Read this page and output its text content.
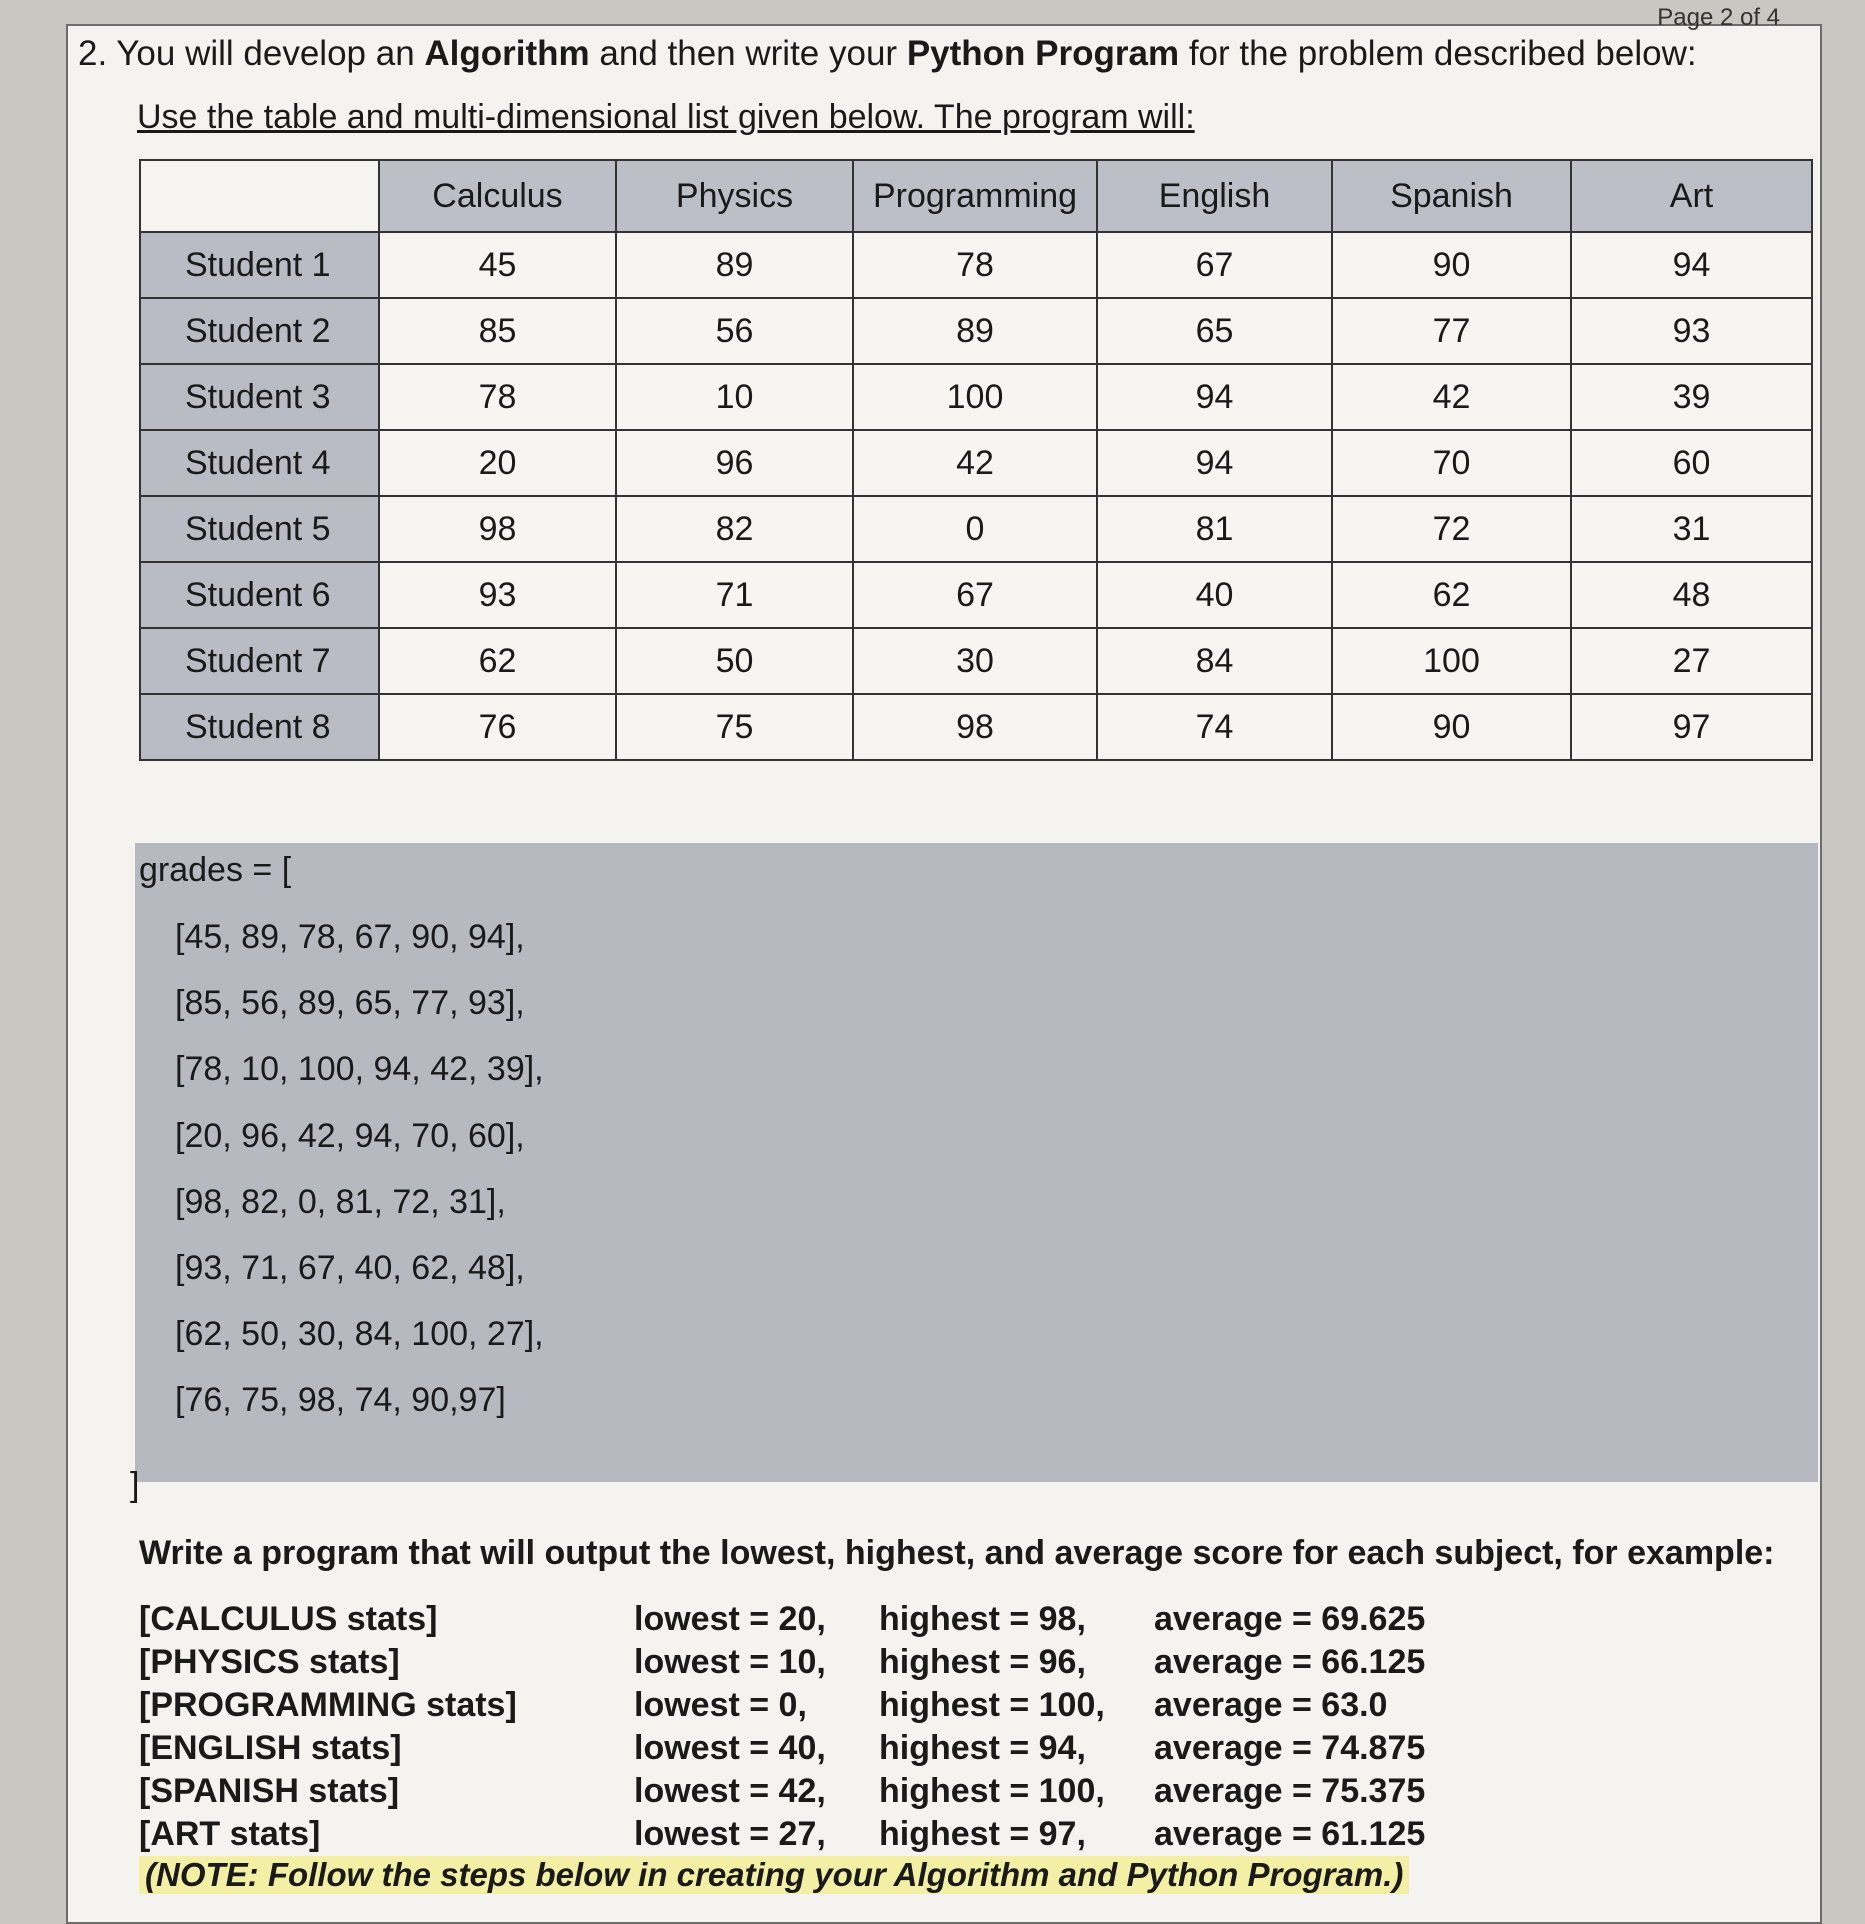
Page 2 of 4
2. You will develop an Algorithm and then write your Python Program for the problem described below:
Use the table and multi-dimensional list given below. The program will:
	Calculus	Physics	Programming	English	Spanish	Art
Student 1	45	89	78	67	90	94
Student 2	85	56	89	65	77	93
Student 3	78	10	100	94	42	39
Student 4	20	96	42	94	70	60
Student 5	98	82	0	81	72	31
Student 6	93	71	67	40	62	48
Student 7	62	50	30	84	100	27
Student 8	76	75	98	74	90	97
grades = [
[45, 89, 78, 67, 90, 94],
[85, 56, 89, 65, 77, 93],
[78, 10, 100, 94, 42, 39],
[20, 96, 42, 94, 70, 60],
[98, 82, 0, 81, 72, 31],
[93, 71, 67, 40, 62, 48],
[62, 50, 30, 84, 100, 27],
[76, 75, 98, 74, 90,97]
]
Write a program that will output the lowest, highest, and average score for each subject, for example:
[CALCULUS stats]	lowest = 20,	highest = 98,	average = 69.625
[PHYSICS stats]	lowest = 10,	highest = 96,	average = 66.125
[PROGRAMMING stats]	lowest = 0,	highest = 100,	average = 63.0
[ENGLISH stats]	lowest = 40,	highest = 94,	average = 74.875
[SPANISH stats]	lowest = 42,	highest = 100,	average = 75.375
[ART stats]	lowest = 27,	highest = 97,	average = 61.125
(NOTE: Follow the steps below in creating your Algorithm and Python Program.)
